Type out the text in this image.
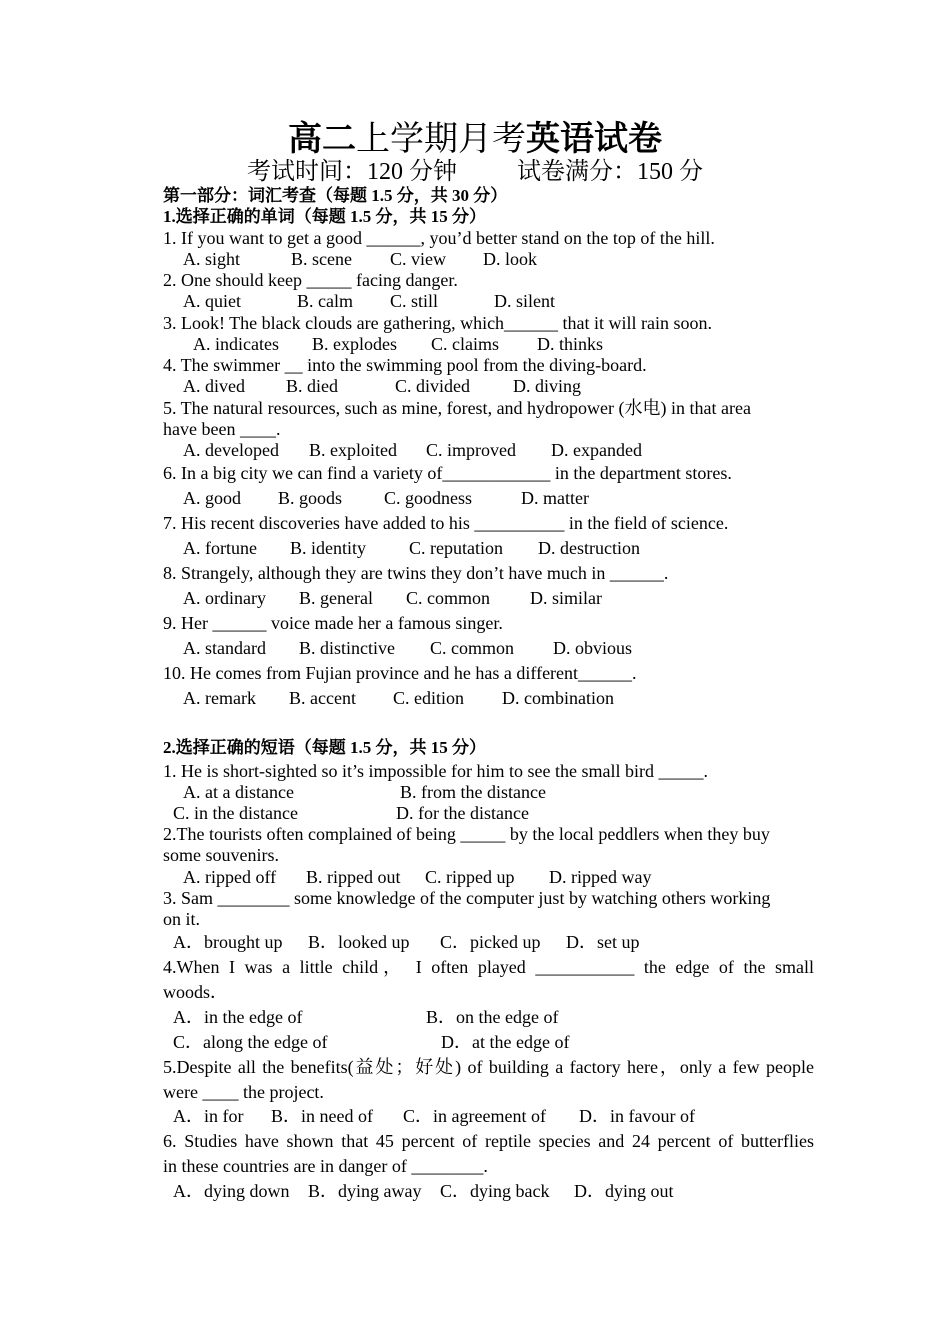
高二上学期月考英语试卷
考试时间：120 分钟	试卷满分：150 分
第一部分：词汇考查（每题 1.5 分，共 30 分）
1.选择正确的单词（每题 1.5 分，共 15 分）
1. If you want to get a good ______, you’d better stand on the top of the hill.
A. sight	B. scene C. view D. look
2. One should keep _____ facing danger.
A. quiet	B. calm C. still	D. silent
3. Look! The black clouds are gathering, which______ that it will rain soon.
A. indicates B. explodes C. claims D. thinks
4. The swimmer __ into the swimming pool from the diving-board.
A. dived B. died	C. divided D. diving
5. The natural resources, such as mine, forest, and hydropower (水电) in that area
have been ____.
A. developed B. exploited C. improved D. expanded
6. In a big city we can find a variety of____________ in the department stores.
A. good B. goods C. goodness	D. matter
7. His recent discoveries have added to his __________ in the field of science.
A. fortune B. identity C. reputation D. destruction
8. Strangely, although they are twins they don’t have much in ______.
A. ordinary B. general C. common D. similar
9. Her ______ voice made her a famous singer.
A. standard B. distinctive C. common D. obvious
10. He comes from Fujian province and he has a different______.
A. remark B. accent C. edition D. combination
2.选择正确的短语（每题 1.5 分，共 15 分）
1. He is short-sighted so it’s impossible for him to see the small bird _____.
A. at a distance	B. from the distance
C. in the distance	D. for the distance
2.The tourists often complained of being _____ by the local peddlers when they buy
some souvenirs.
A. ripped off B. ripped out C. ripped up D. ripped way
3. Sam ________ some knowledge of the computer just by watching others working
on it.
A．brought up B．looked up C．picked up D．set up
4.When I was a little child， I often played ___________ the edge of the small
woods．
A．in the edge of	B．on the edge of
C．along the edge of	D．at the edge of
5.Despite all the benefits(益处；好处) of building a factory here，only a few people
were ____ the project.
A．in for B．in need of C．in agreement of D．in favour of
6. Studies have shown that 45 percent of reptile species and 24 percent of butterflies
in these countries are in danger of ________.
A．dying down B．dying away C．dying back D．dying out
